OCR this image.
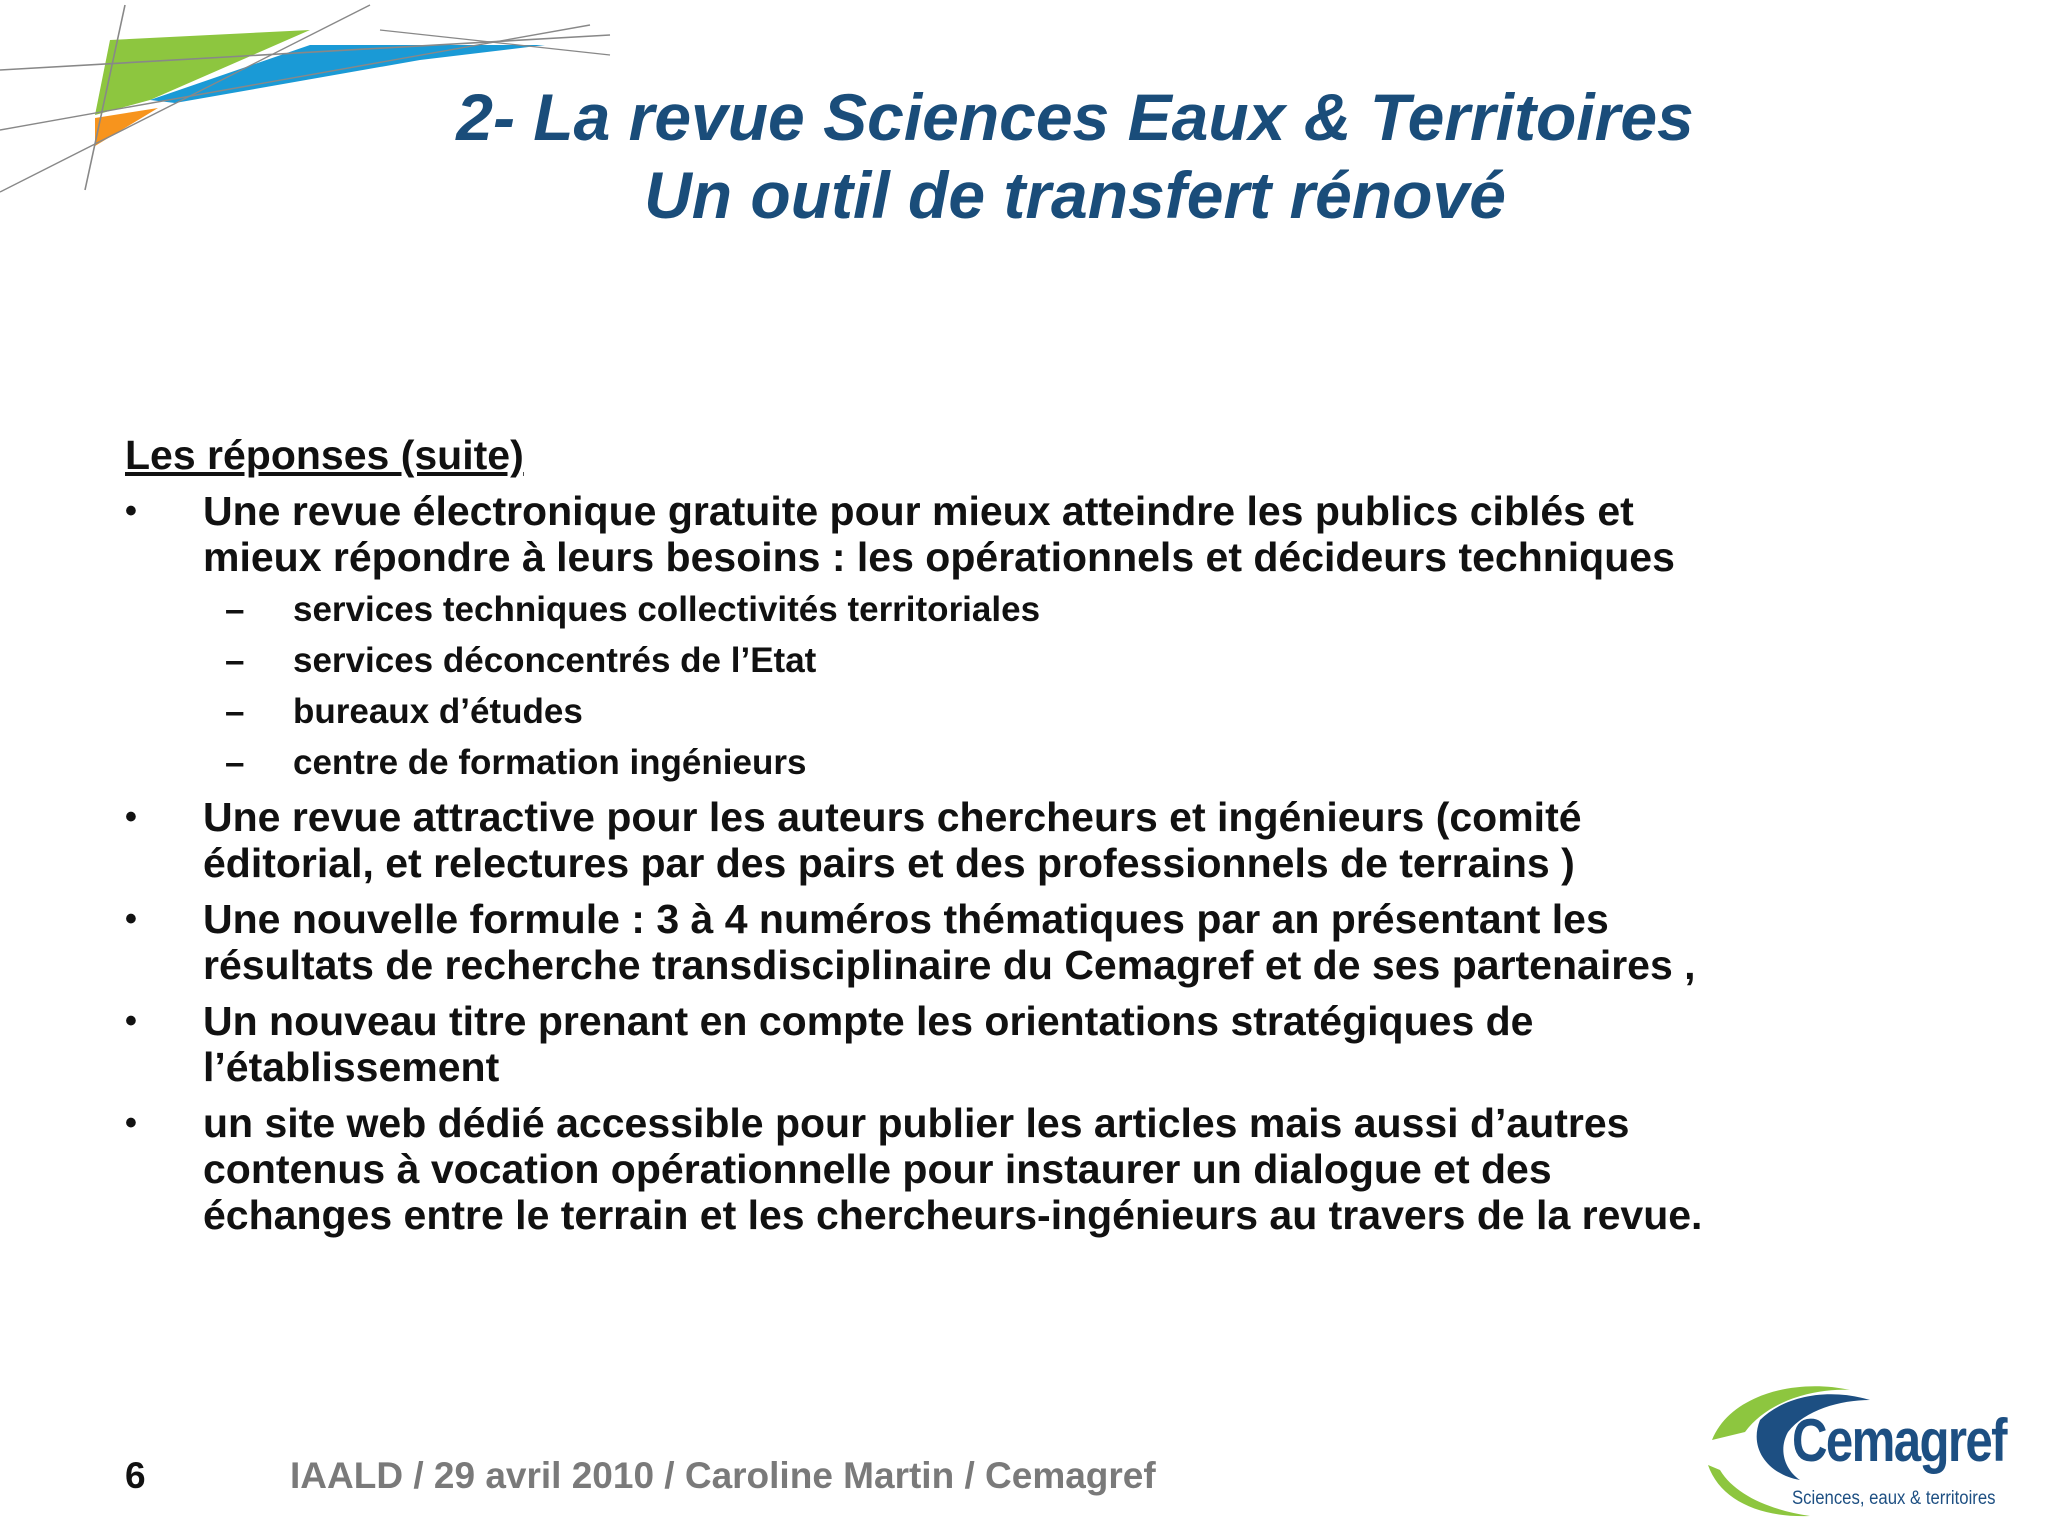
2- La revue Sciences Eaux & Territoires
Un outil de transfert rénové
Les réponses (suite)
•	Une revue électronique gratuite pour mieux atteindre les publics ciblés et
mieux répondre à leurs besoins : les opérationnels et décideurs techniques
–	services techniques collectivités territoriales
–	services déconcentrés de l’Etat
–	bureaux d’études
–	centre de formation ingénieurs
•	Une revue attractive pour les auteurs chercheurs et ingénieurs (comité
éditorial, et relectures par des pairs et des professionnels de terrains )
•	Une nouvelle formule : 3 à 4 numéros thématiques par an présentant les
résultats de recherche transdisciplinaire du Cemagref et de ses partenaires ,
•	Un nouveau titre prenant en compte les orientations stratégiques de
l’établissement
•	un site web dédié accessible pour publier les articles mais aussi d’autres
contenus à vocation opérationnelle pour instaurer un dialogue et des
échanges entre le terrain et les chercheurs-ingénieurs au travers de la revue.
6	IAALD / 29 avril 2010 / Caroline Martin / Cemagref
Cemagref
Sciences, eaux & territoires
